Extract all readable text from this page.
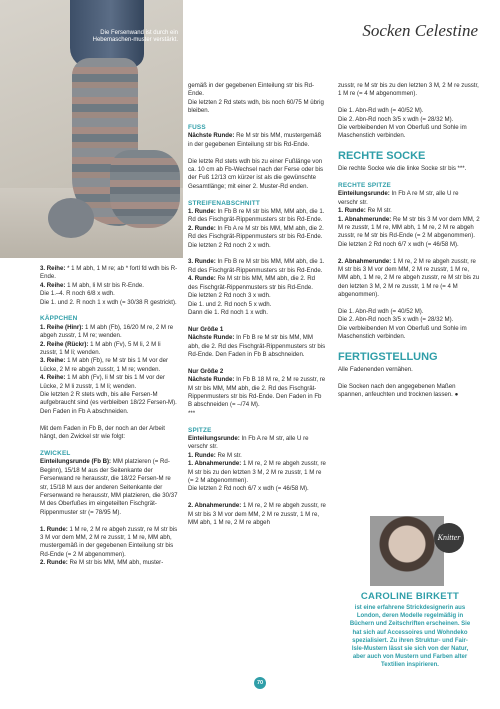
Die Fersenwand ist durch ein Hebemaschen-muster verstärkt.	Socken Celestine

3. Reihe: * 1 M abh, 1 M re; ab * fortl fd wdh bis R-Ende.
4. Reihe: 1 M abh, li M str bis R-Ende.
Die 1.–4. R noch 6/8 x wdh.
Die 1. und 2. R noch 1 x wdh (= 30/38 R gestrickt).

KÄPPCHEN

1. Reihe (Hinr): 1 M abh (Fb), 16/20 M re, 2 M re abgeh zusstr, 1 M re; wenden.
2. Reihe (Rückr): 1 M abh (Fv), 5 M li, 2 M li zusstr, 1 M li; wenden.
3. Reihe: 1 M abh (Fb), re M str bis 1 M vor der Lücke, 2 M re abgeh zusstr, 1 M re; wenden.
4. Reihe: 1 M abh (Fv), li M str bis 1 M vor der Lücke, 2 M li zusstr, 1 M li; wenden.
Die letzten 2 R stets wdh, bis alle Fersen-M aufgebraucht sind (es verbleiben 18/22 Fersen-M).
Den Faden in Fb A abschneiden.

Mit dem Faden in Fb B, der noch an der Arbeit hängt, den Zwickel str wie folgt:

ZWICKEL

Einteilungsrunde (Fb B): MM platzieren (= Rd-Beginn), 15/18 M aus der Seitenkante der Fersenwand re herausstr, die 18/22 Fersen-M re str, 15/18 M aus der anderen Seitenkante der Fersenwand re herausstr, MM platzieren, die 30/37 M des Oberfußes im eingeteilten Fischgrät-Rippenmuster str (= 78/95 M).

1. Runde: 1 M re, 2 M re abgeh zusstr, re M str bis 3 M vor dem MM, 2 M re zusstr, 1 M re, MM abh, mustergemäß in der gegebenen Einteilung str bis Rd-Ende (= 2 M abgenommen).
2. Runde: Re M str bis MM, MM abh, muster-

gemäß in der gegebenen Einteilung str bis Rd-Ende.
Die letzten 2 Rd stets wdh, bis noch 60/75 M übrig bleiben.

FUSS

Nächste Runde: Re M str bis MM, mustergemäß in der gegebenen Einteilung str bis Rd-Ende.

Die letzte Rd stets wdh bis zu einer Fußlänge von ca. 10 cm ab Fb-Wechsel nach der Ferse oder bis der Fuß 12/13 cm kürzer ist als die gewünschte Gesamtlänge; mit einer 2. Muster-Rd enden.

STREIFENABSCHNITT

1. Runde: In Fb B re M str bis MM, MM abh, die 1. Rd des Fischgrät-Rippenmusters str bis Rd-Ende.
2. Runde: In Fb A re M str bis MM, MM abh, die 2. Rd des Fischgrät-Rippenmusters str bis Rd-Ende.
Die letzten 2 Rd noch 2 x wdh.

3. Runde: In Fb B re M str bis MM, MM abh, die 1. Rd des Fischgrät-Rippenmusters str bis Rd-Ende.
4. Runde: Re M str bis MM, MM abh, die 2. Rd des Fischgrät-Rippenmusters str bis Rd-Ende.
Die letzten 2 Rd noch 3 x wdh.
Die 1. und 2. Rd noch 5 x wdh.
Dann die 1. Rd noch 1 x wdh.

Nur Größe 1
Nächste Runde: In Fb B re M str bis MM, MM abh, die 2. Rd des Fischgrät-Rippenmusters str bis Rd-Ende. Den Faden in Fb B abschneiden.

Nur Größe 2
Nächste Runde: In Fb B 18 M re, 2 M re zusstr, re M str bis MM, MM abh, die 2. Rd des Fischgrät-Rippenmusters str bis Rd-Ende. Den Faden in Fb B abschneiden (= –/74 M).
***

SPITZE

Einteilungsrunde: In Fb A re M str, alle U re verschr str.
1. Runde: Re M str.
1. Abnahmerunde: 1 M re, 2 M re abgeh zusstr, re M str bis zu den letzten 3 M, 2 M re zusstr, 1 M re (= 2 M abgenommen).
Die letzten 2 Rd noch 6/7 x wdh (= 46/58 M).

2. Abnahmerunde: 1 M re, 2 M re abgeh zusstr, re M str bis 3 M vor dem MM, 2 M re zusstr, 1 M re, MM abh, 1 M re, 2 M re abgeh

zusstr, re M str bis zu den letzten 3 M, 2 M re zusstr, 1 M re (= 4 M abgenommen).

Die 1. Abn-Rd wdh (= 40/52 M).
Die 2. Abn-Rd noch 3/5 x wdh (= 28/32 M).
Die verbleibenden M von Oberfuß und Sohle im Maschenstich verbinden.

RECHTE SOCKE

Die rechte Socke wie die linke Socke str bis ***.

RECHTE SPITZE

Einteilungsrunde: In Fb A re M str, alle U re verschr str.
1. Runde: Re M str.
1. Abnahmerunde: Re M str bis 3 M vor dem MM, 2 M re zusstr, 1 M re, MM abh, 1 M re, 2 M re abgeh zusstr, re M str bis Rd-Ende (= 2 M abgenommen).
Die letzten 2 Rd noch 6/7 x wdh (= 46/58 M).

2. Abnahmerunde: 1 M re, 2 M re abgeh zusstr, re M str bis 3 M vor dem MM, 2 M re zusstr, 1 M re, MM abh, 1 M re, 2 M re abgeh zusstr, re M str bis zu den letzten 3 M, 2 M re zusstr, 1 M re (= 4 M abgenommen).

Die 1. Abn-Rd wdh (= 40/52 M).
Die 2. Abn-Rd noch 3/5 x wdh (= 28/32 M).
Die verbleibenden M von Oberfuß und Sohle im Maschenstich verbinden.

FERTIGSTELLUNG

Alle Fadenenden vernähen.

Die Socken nach den angegebenen Maßen spannen, anfeuchten und trocknen lassen. ●

Knitter
CAROLINE BIRKETT
ist eine erfahrene Strickdesignerin aus London, deren Modelle regelmäßig in Büchern und Zeitschriften erscheinen. Sie hat sich auf Accessoires und Wohndeko spezialisiert. Zu ihren Struktur- und Fair-Isle-Mustern lässt sie sich von der Natur, aber auch von Mustern und Farben alter Textilien inspirieren.
70
